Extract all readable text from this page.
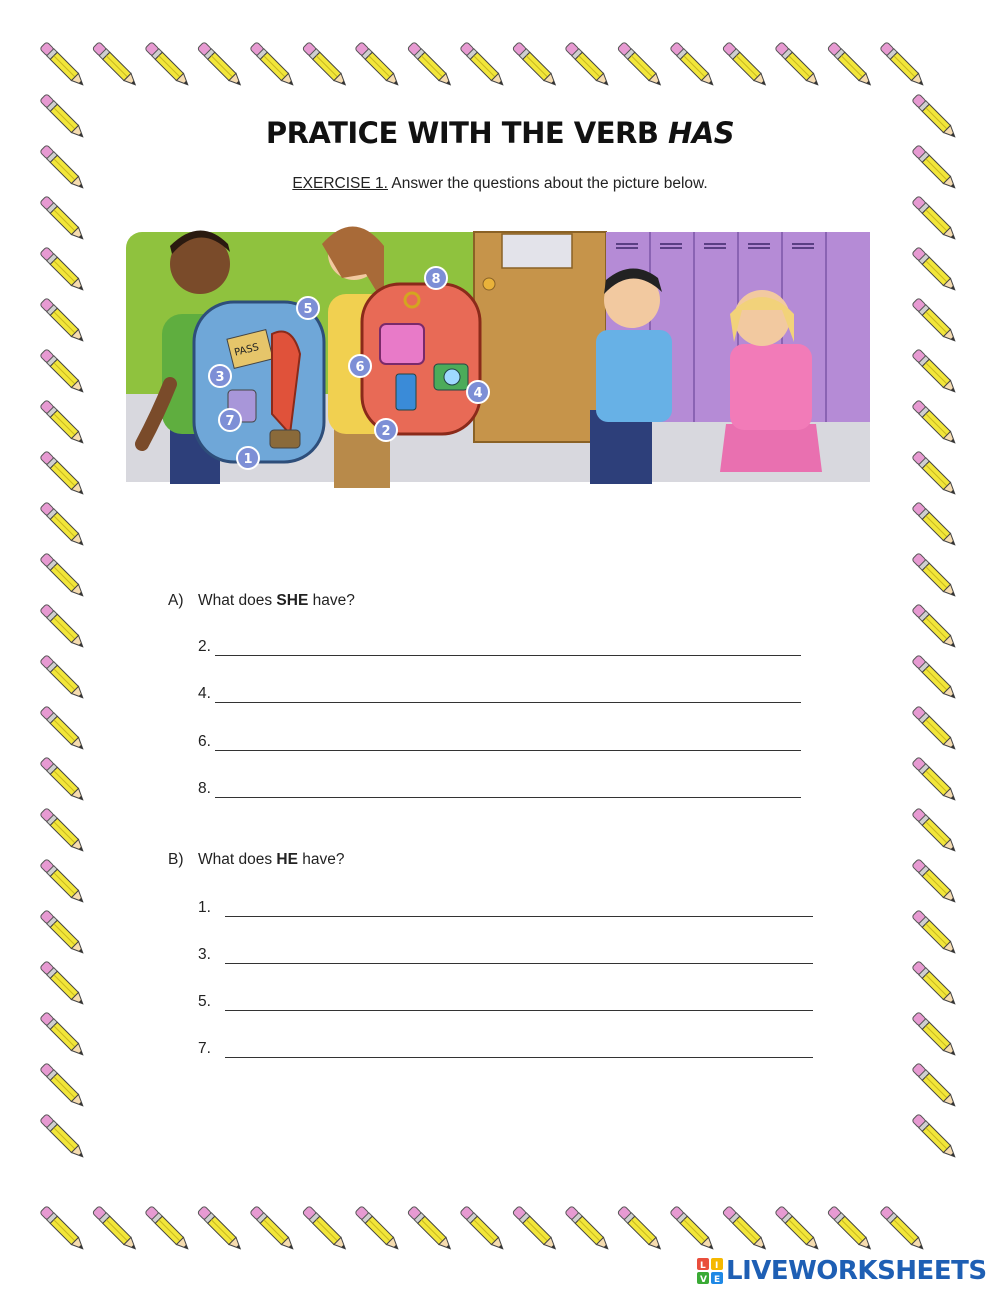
PRATICE WITH THE VERB HAS
EXERCISE 1. Answer the questions about the picture below.
PASS
1
2
3
4
5
6
7
8
A) What does SHE have?
2.
4.
6.
8.
B) What does HE have?
1.
3.
5.
7.
L I
V E LIVEWORKSHEETS
